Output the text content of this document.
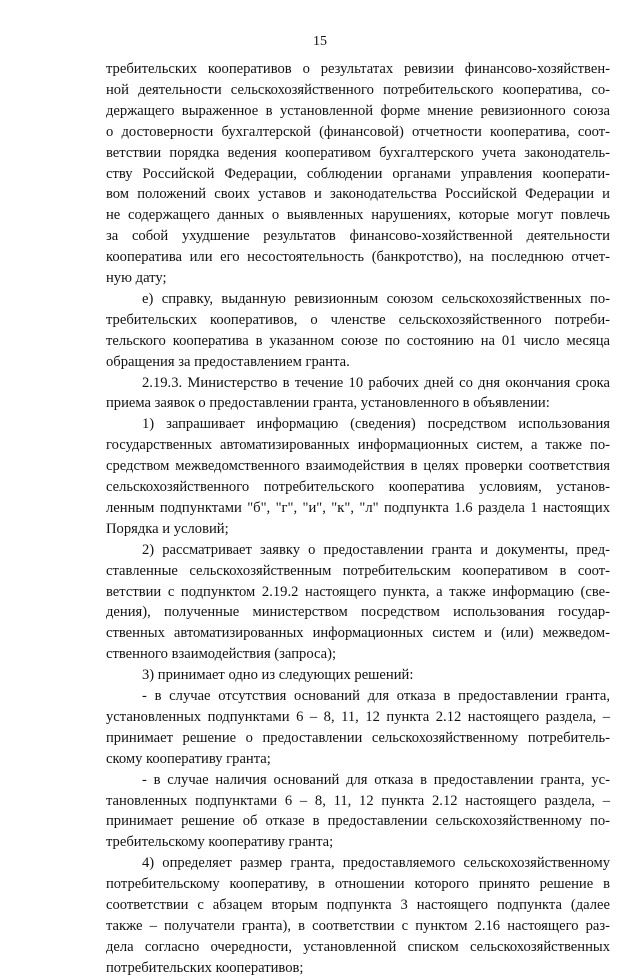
15
требительских кооперативов о результатах ревизии финансово-хозяйствен-
ной деятельности сельскохозяйственного потребительского кооператива, со-
держащего выраженное в установленной форме мнение ревизионного союза
о достоверности бухгалтерской (финансовой) отчетности кооператива, соот-
ветствии порядка ведения кооперативом бухгалтерского учета законодатель-
ству Российской Федерации, соблюдении органами управления кооперати-
вом положений своих уставов и законодательства Российской Федерации и
не содержащего данных о выявленных нарушениях, которые могут повлечь
за собой ухудшение результатов финансово-хозяйственной деятельности
кооператива или его несостоятельность (банкротство), на последнюю отчет-
ную дату;
е) справку, выданную ревизионным союзом сельскохозяйственных по-
требительских кооперативов, о членстве сельскохозяйственного потреби-
тельского кооператива в указанном союзе по состоянию на 01 число месяца
обращения за предоставлением гранта.
2.19.3. Министерство в течение 10 рабочих дней со дня окончания срока
приема заявок о предоставлении гранта, установленного в объявлении:
1) запрашивает информацию (сведения) посредством использования
государственных автоматизированных информационных систем, а также по-
средством межведомственного взаимодействия в целях проверки соответствия
сельскохозяйственного потребительского кооператива условиям, установ-
ленным подпунктами "б", "г", "и", "к", "л" подпункта 1.6 раздела 1 настоящих
Порядка и условий;
2) рассматривает заявку о предоставлении гранта и документы, пред-
ставленные сельскохозяйственным потребительским кооперативом в соот-
ветствии с подпунктом 2.19.2 настоящего пункта, а также информацию (све-
дения), полученные министерством посредством использования государ-
ственных автоматизированных информационных систем и (или) межведом-
ственного взаимодействия (запроса);
3) принимает одно из следующих решений:
- в случае отсутствия оснований для отказа в предоставлении гранта,
установленных подпунктами 6 – 8, 11, 12 пункта 2.12 настоящего раздела, –
принимает решение о предоставлении сельскохозяйственному потребитель-
скому кооперативу гранта;
- в случае наличия оснований для отказа в предоставлении гранта, ус-
тановленных подпунктами 6 – 8, 11, 12 пункта 2.12 настоящего раздела, –
принимает решение об отказе в предоставлении сельскохозяйственному по-
требительскому кооперативу гранта;
4) определяет размер гранта, предоставляемого сельскохозяйственному
потребительскому кооперативу, в отношении которого принято решение в
соответствии с абзацем вторым подпункта 3 настоящего подпункта (далее
также – получатели гранта), в соответствии с пунктом 2.16 настоящего раз-
дела согласно очередности, установленной списком сельскохозяйственных
потребительских кооперативов;
